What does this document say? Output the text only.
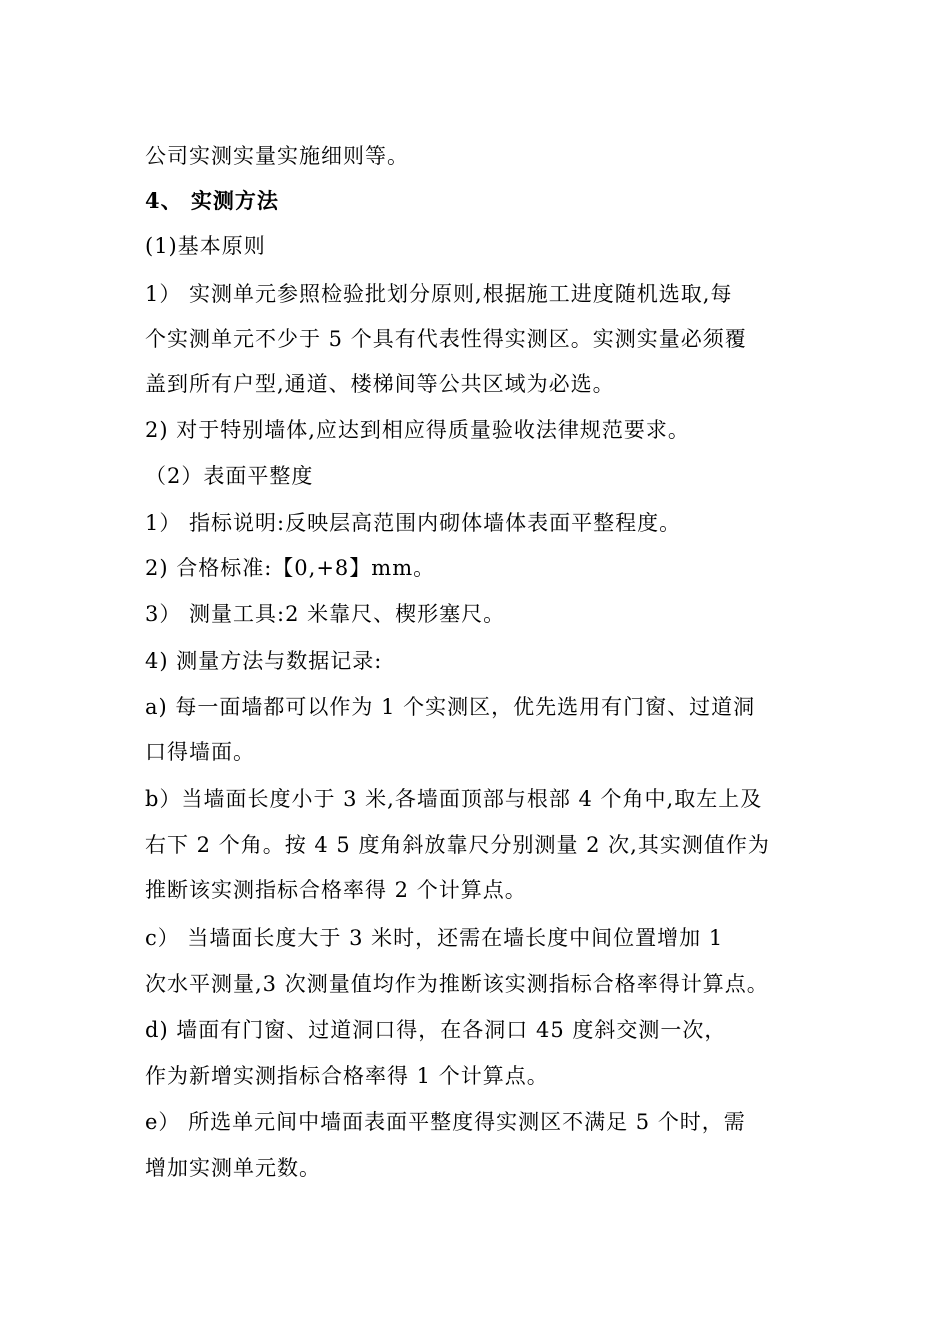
公司实测实量实施细则等。
4、 实测方法
(1)基本原则
1） 实测单元参照检验批划分原则,根据施工进度随机选取,每
个实测单元不少于 5 个具有代表性得实测区。实测实量必须覆
盖到所有户型,通道、楼梯间等公共区域为必选。
2) 对于特别墙体,应达到相应得质量验收法律规范要求。
（2）表面平整度
1） 指标说明:反映层高范围内砌体墙体表面平整程度。
2) 合格标准:【0,+8】mm。
3） 测量工具:2 米靠尺、楔形塞尺。
4) 测量方法与数据记录:
a) 每一面墙都可以作为 1 个实测区，优先选用有门窗、过道洞
口得墙面。
b）当墙面长度小于 3 米,各墙面顶部与根部 4 个角中,取左上及
右下 2 个角。按 4 5 度角斜放靠尺分别测量 2 次,其实测值作为
推断该实测指标合格率得 2 个计算点。
c） 当墙面长度大于 3 米时，还需在墙长度中间位置增加 1
次水平测量,3 次测量值均作为推断该实测指标合格率得计算点。
d) 墙面有门窗、过道洞口得，在各洞口 45 度斜交测一次，
作为新增实测指标合格率得 1 个计算点。
e） 所选单元间中墙面表面平整度得实测区不满足 5 个时，需
增加实测单元数。
